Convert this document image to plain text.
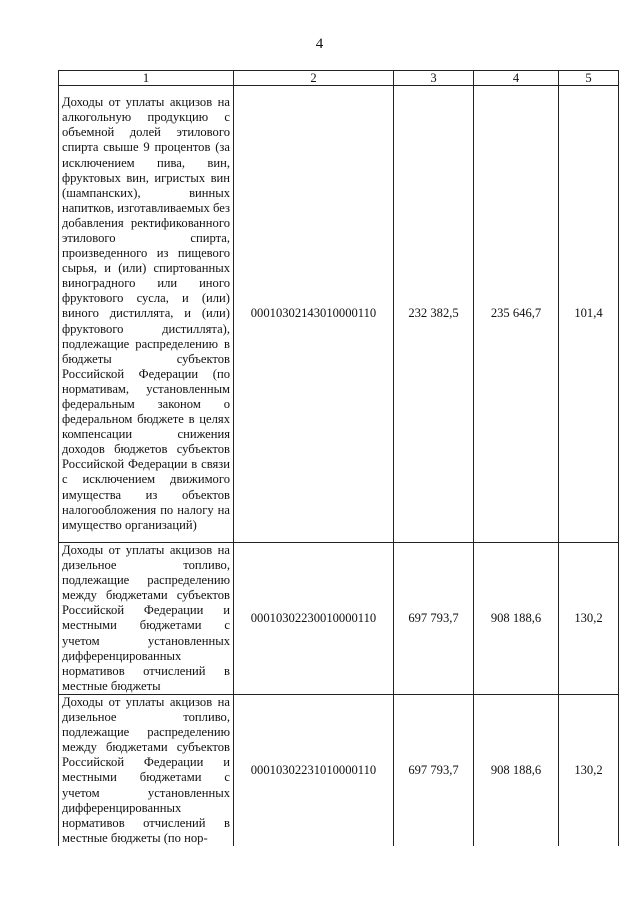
4
1	2	3	4	5
Доходы от уплаты акцизов на алкогольную продукцию с объемной долей этилового спирта свыше 9 процентов (за исключением пива, вин, фруктовых вин, игристых вин (шампанских), винных напитков, изготавливаемых без добавления ректификованного этилового спирта, произведенного из пищевого сырья, и (или) спиртованных виноградного или иного фруктового сусла, и (или) виного дистиллята, и (или) фруктового дистиллята), подлежащие распределению в бюджеты субъектов Российской Федерации (по нормативам, установленным федеральным законом о федеральном бюджете в целях компенсации снижения доходов бюджетов субъектов Российской Федерации в связи с исключением движимого имущества из объектов налогообложения по налогу на имущество организаций)	00010302143010000110	232 382,5	235 646,7	101,4
Доходы от уплаты акцизов на дизельное топливо, подлежащие распределению между бюджетами субъектов Российской Федерации и местными бюджетами с учетом установленных дифференцированных нормативов отчислений в местные бюджеты	00010302230010000110	697 793,7	908 188,6	130,2
Доходы от уплаты акцизов на дизельное топливо, подлежащие распределению между бюджетами субъектов Российской Федерации и местными бюджетами с учетом установленных дифференцированных нормативов отчислений в местные бюджеты (по нор-	00010302231010000110	697 793,7	908 188,6	130,2
